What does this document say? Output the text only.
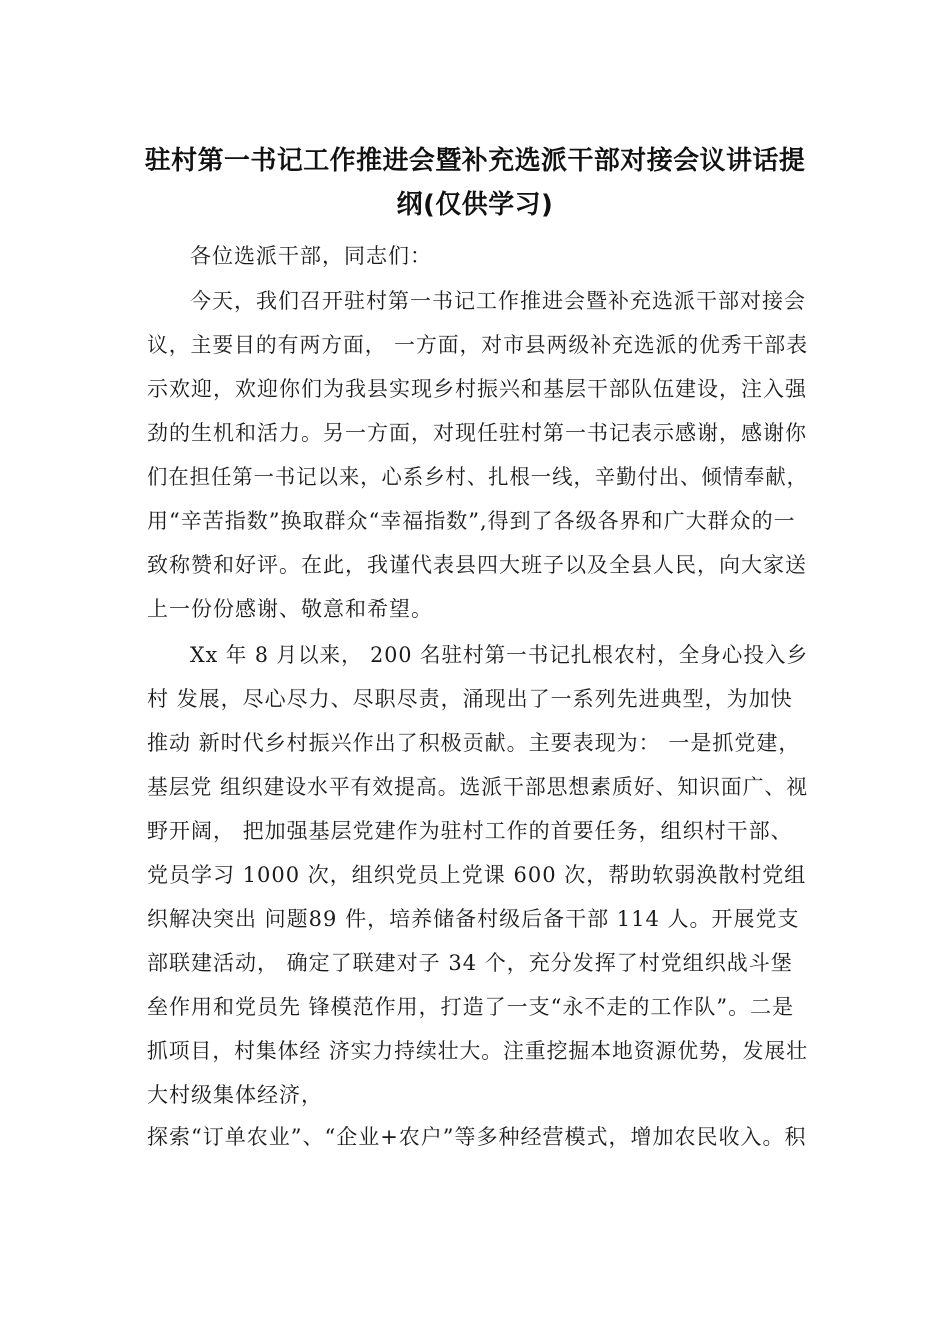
驻村第一书记工作推进会暨补充选派干部对接会议讲话提
纲(仅供学习)

各位选派干部，同志们：

今天，我们召开驻村第一书记工作推进会暨补充选派干部对接会

议，主要目的有两方面， 一方面，对市县两级补充选派的优秀干部表

示欢迎，欢迎你们为我县实现乡村振兴和基层干部队伍建设，注入强

劲的生机和活力。另一方面，对现任驻村第一书记表示感谢，感谢你

们在担任第一书记以来，心系乡村、扎根一线，辛勤付出、倾情奉献，

用“辛苦指数”换取群众“幸福指数”,得到了各级各界和广大群众的一

致称赞和好评。在此，我谨代表县四大班子以及全县人民，向大家送

上一份份感谢、敬意和希望。

Xx 年 8 月以来， 200 名驻村第一书记扎根农村，全身心投入乡

村 发展，尽心尽力、尽职尽责，涌现出了一系列先进典型，为加快

推动 新时代乡村振兴作出了积极贡献。主要表现为： 一是抓党建，

基层党 组织建设水平有效提高。选派干部思想素质好、知识面广、视

野开阔， 把加强基层党建作为驻村工作的首要任务，组织村干部、

党员学习 1000 次，组织党员上党课 600 次，帮助软弱涣散村党组

织解决突出 问题89 件，培养储备村级后备干部 114 人。开展党支

部联建活动， 确定了联建对子 34 个，充分发挥了村党组织战斗堡

垒作用和党员先 锋模范作用，打造了一支“永不走的工作队”。二是

抓项目，村集体经 济实力持续壮大。注重挖掘本地资源优势，发展壮

大村级集体经济，

探索“订单农业”、“企业+农户”等多种经营模式，增加农民收入。积
